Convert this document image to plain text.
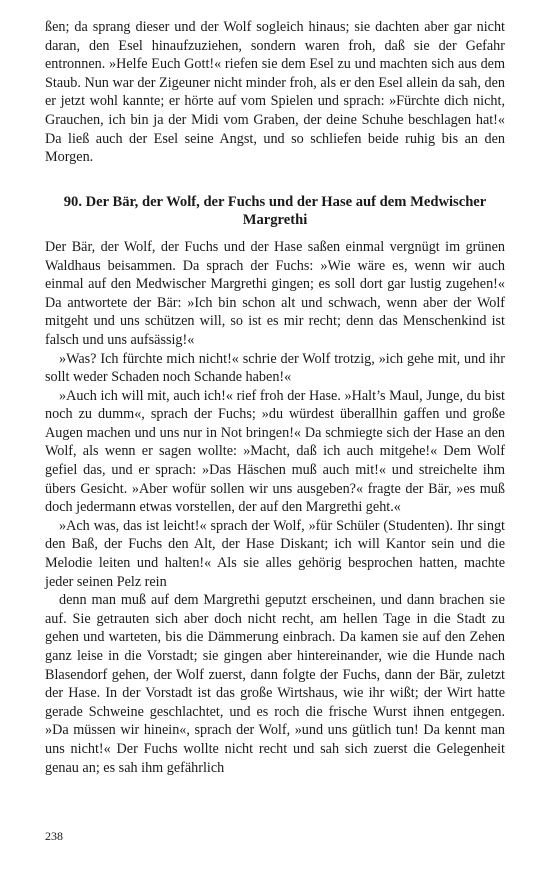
ßen; da sprang dieser und der Wolf sogleich hinaus; sie dachten aber gar nicht daran, den Esel hinaufzuziehen, sondern waren froh, daß sie der Gefahr entronnen. »Helfe Euch Gott!« riefen sie dem Esel zu und machten sich aus dem Staub. Nun war der Zigeuner nicht minder froh, als er den Esel allein da sah, den er jetzt wohl kannte; er hörte auf vom Spielen und sprach: »Fürchte dich nicht, Grauchen, ich bin ja der Midi vom Graben, der deine Schuhe beschlagen hat!« Da ließ auch der Esel seine Angst, und so schliefen beide ruhig bis an den Morgen.

90. Der Bär, der Wolf, der Fuchs und der Hase auf dem Medwischer Margrethi

Der Bär, der Wolf, der Fuchs und der Hase saßen einmal vergnügt im grünen Waldhaus beisammen. Da sprach der Fuchs: »Wie wäre es, wenn wir auch einmal auf den Medwischer Margrethi gingen; es soll dort gar lustig zugehen!« Da antwortete der Bär: »Ich bin schon alt und schwach, wenn aber der Wolf mitgeht und uns schützen will, so ist es mir recht; denn das Menschenkind ist falsch und uns aufsässig!«

»Was? Ich fürchte mich nicht!« schrie der Wolf trotzig, »ich gehe mit, und ihr sollt weder Schaden noch Schande haben!«

»Auch ich will mit, auch ich!« rief froh der Hase. »Halt’s Maul, Junge, du bist noch zu dumm«, sprach der Fuchs; »du würdest überallhin gaffen und große Augen machen und uns nur in Not bringen!« Da schmiegte sich der Hase an den Wolf, als wenn er sagen wollte: »Macht, daß ich auch mitgehe!« Dem Wolf gefiel das, und er sprach: »Das Häschen muß auch mit!« und streichelte ihm übers Gesicht. »Aber wofür sollen wir uns ausgeben?« fragte der Bär, »es muß doch jedermann etwas vorstellen, der auf den Margrethi geht.«

»Ach was, das ist leicht!« sprach der Wolf, »für Schüler (Studenten). Ihr singt den Baß, der Fuchs den Alt, der Hase Diskant; ich will Kantor sein und die Melodie leiten und halten!« Als sie alles gehörig besprochen hatten, machte jeder seinen Pelz rein

denn man muß auf dem Margrethi geputzt erscheinen, und dann brachen sie auf. Sie getrauten sich aber doch nicht recht, am hellen Tage in die Stadt zu gehen und warteten, bis die Dämmerung einbrach. Da kamen sie auf den Zehen ganz leise in die Vorstadt; sie gingen aber hintereinander, wie die Hunde nach Blasendorf gehen, der Wolf zuerst, dann folgte der Fuchs, dann der Bär, zuletzt der Hase. In der Vorstadt ist das große Wirtshaus, wie ihr wißt; der Wirt hatte gerade Schweine geschlachtet, und es roch die frische Wurst ihnen entgegen. »Da müssen wir hinein«, sprach der Wolf, »und uns gütlich tun! Da kennt man uns nicht!« Der Fuchs wollte nicht recht und sah sich zuerst die Gelegenheit genau an; es sah ihm gefährlich

238
